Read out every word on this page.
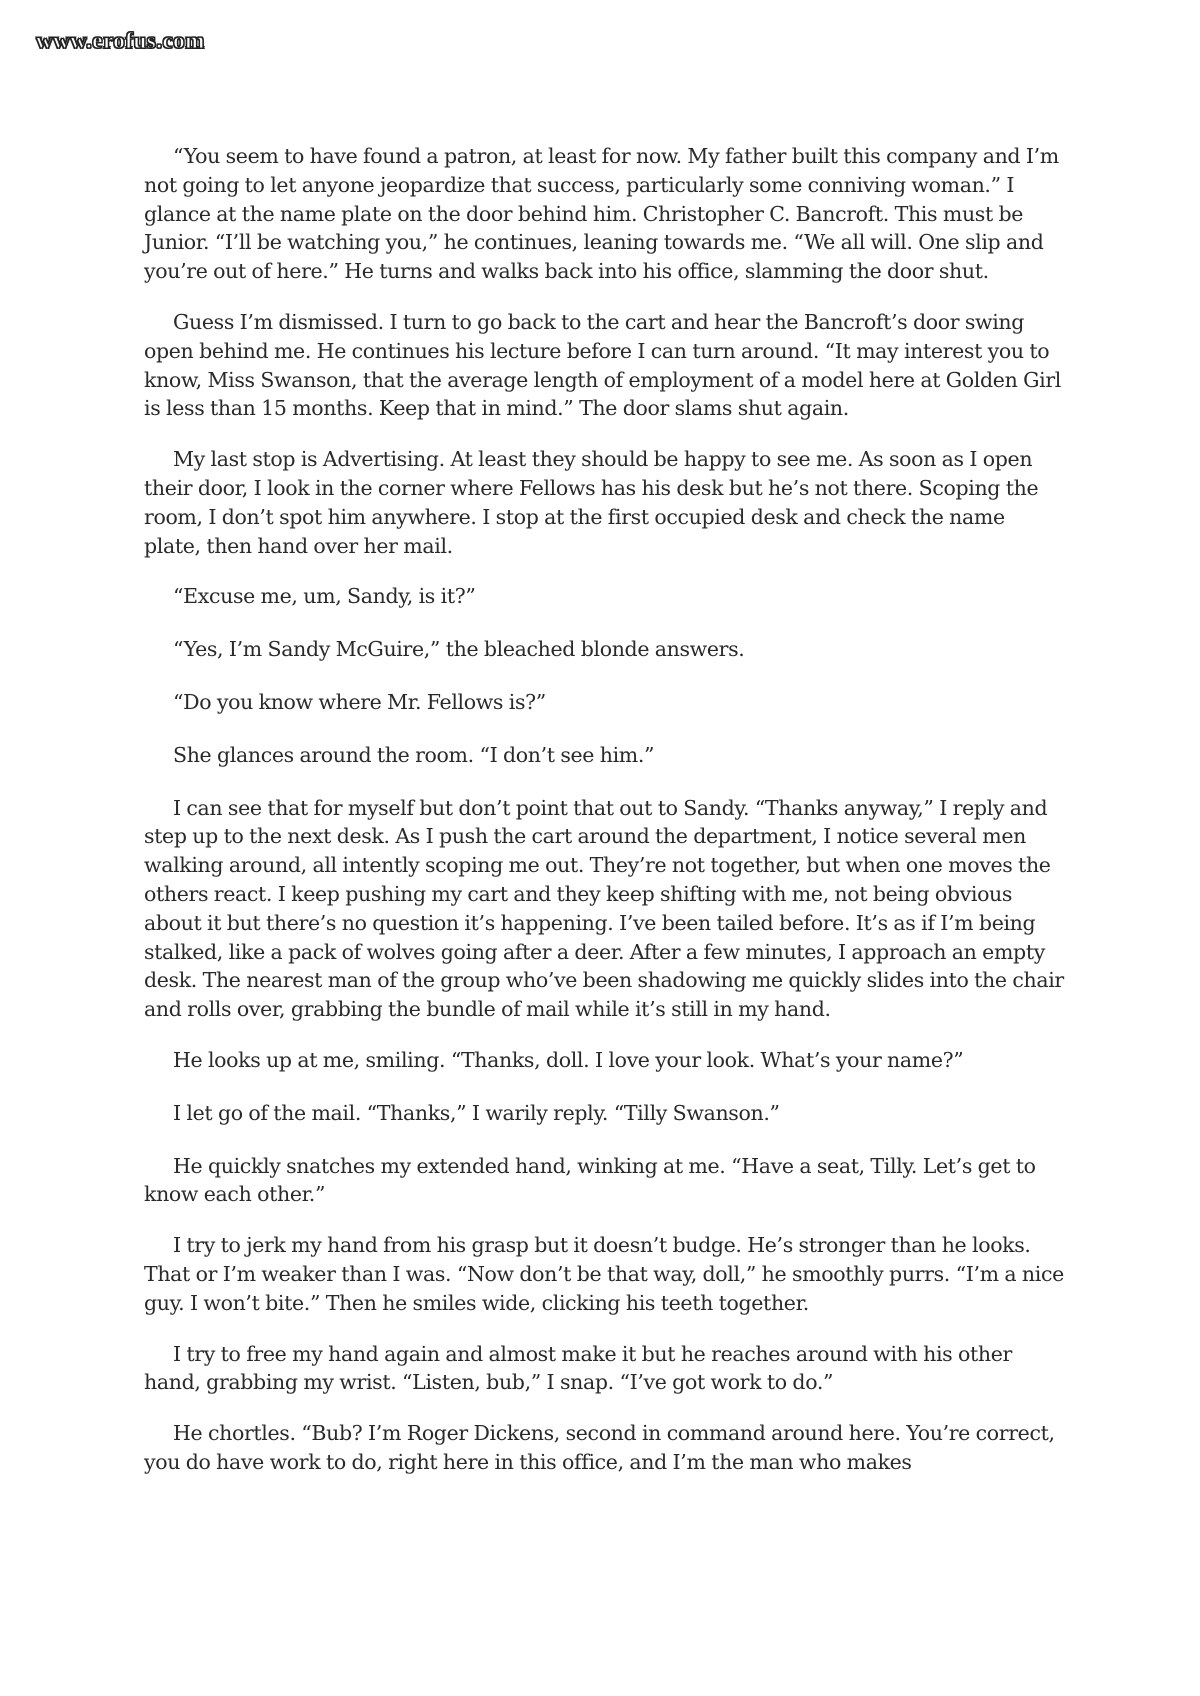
www.erofus.com

“You seem to have found a patron, at least for now. My father built this company and I’m not going to let anyone jeopardize that success, particularly some conniving woman.” I glance at the name plate on the door behind him. Christopher C. Bancroft. This must be Junior. “I’ll be watching you,” he continues, leaning towards me. “We all will. One slip and you’re out of here.” He turns and walks back into his office, slamming the door shut.

Guess I’m dismissed. I turn to go back to the cart and hear the Bancroft’s door swing open behind me. He continues his lecture before I can turn around. “It may interest you to know, Miss Swanson, that the average length of employment of a model here at Golden Girl is less than 15 months. Keep that in mind.” The door slams shut again.

My last stop is Advertising. At least they should be happy to see me. As soon as I open their door, I look in the corner where Fellows has his desk but he’s not there. Scoping the room, I don’t spot him anywhere. I stop at the first occupied desk and check the name plate, then hand over her mail.

“Excuse me, um, Sandy, is it?”

“Yes, I’m Sandy McGuire,” the bleached blonde answers.

“Do you know where Mr. Fellows is?”

She glances around the room. “I don’t see him.”

I can see that for myself but don’t point that out to Sandy. “Thanks anyway,” I reply and step up to the next desk. As I push the cart around the department, I notice several men walking around, all intently scoping me out. They’re not together, but when one moves the others react. I keep pushing my cart and they keep shifting with me, not being obvious about it but there’s no question it’s happening. I’ve been tailed before. It’s as if I’m being stalked, like a pack of wolves going after a deer. After a few minutes, I approach an empty desk. The nearest man of the group who’ve been shadowing me quickly slides into the chair and rolls over, grabbing the bundle of mail while it’s still in my hand.

He looks up at me, smiling. “Thanks, doll. I love your look. What’s your name?”

I let go of the mail. “Thanks,” I warily reply. “Tilly Swanson.”

He quickly snatches my extended hand, winking at me. “Have a seat, Tilly. Let’s get to know each other.”

I try to jerk my hand from his grasp but it doesn’t budge. He’s stronger than he looks. That or I’m weaker than I was. “Now don’t be that way, doll,” he smoothly purrs. “I’m a nice guy. I won’t bite.” Then he smiles wide, clicking his teeth together.

I try to free my hand again and almost make it but he reaches around with his other hand, grabbing my wrist. “Listen, bub,” I snap. “I’ve got work to do.”

He chortles. “Bub? I’m Roger Dickens, second in command around here. You’re correct, you do have work to do, right here in this office, and I’m the man who makes
